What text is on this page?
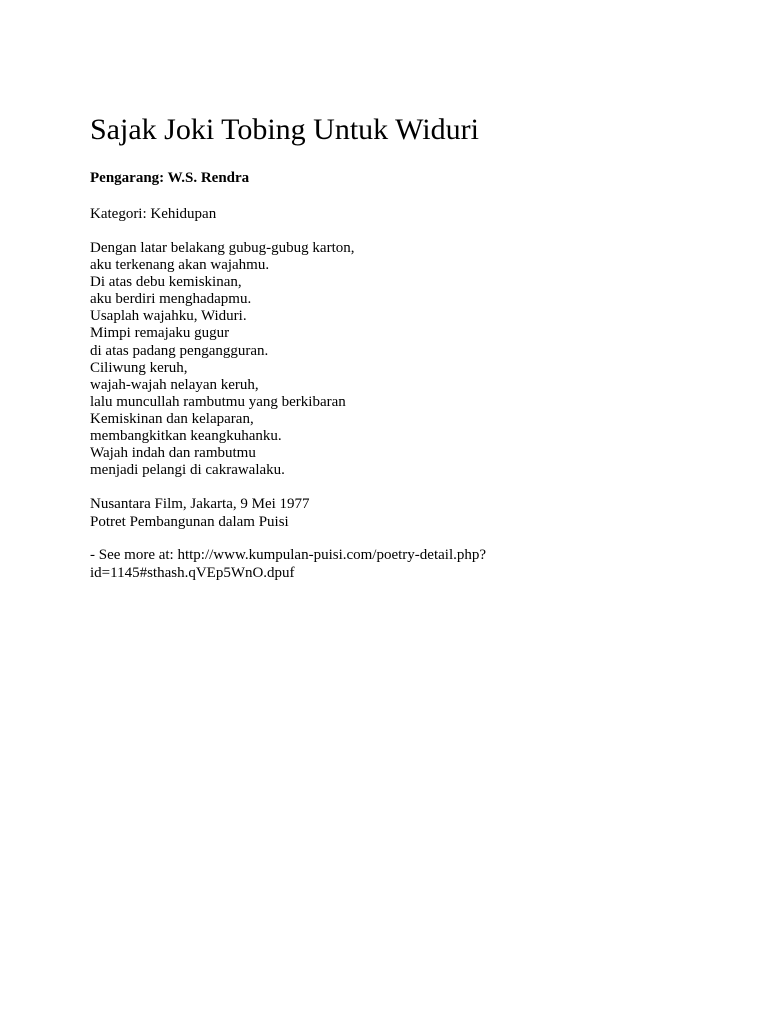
Sajak Joki Tobing Untuk Widuri
Pengarang: W.S. Rendra
Kategori: Kehidupan
Dengan latar belakang gubug-gubug karton,
aku terkenang akan wajahmu.
Di atas debu kemiskinan,
aku berdiri menghadapmu.
Usaplah wajahku, Widuri.
Mimpi remajaku gugur
di atas padang pengangguran.
Ciliwung keruh,
wajah-wajah nelayan keruh,
lalu muncullah rambutmu yang berkibaran
Kemiskinan dan kelaparan,
membangkitkan keangkuhanku.
Wajah indah dan rambutmu
menjadi pelangi di cakrawalaku.
Nusantara Film, Jakarta, 9 Mei 1977
Potret Pembangunan dalam Puisi
- See more at: http://www.kumpulan-puisi.com/poetry-detail.php?
id=1145#sthash.qVEp5WnO.dpuf
